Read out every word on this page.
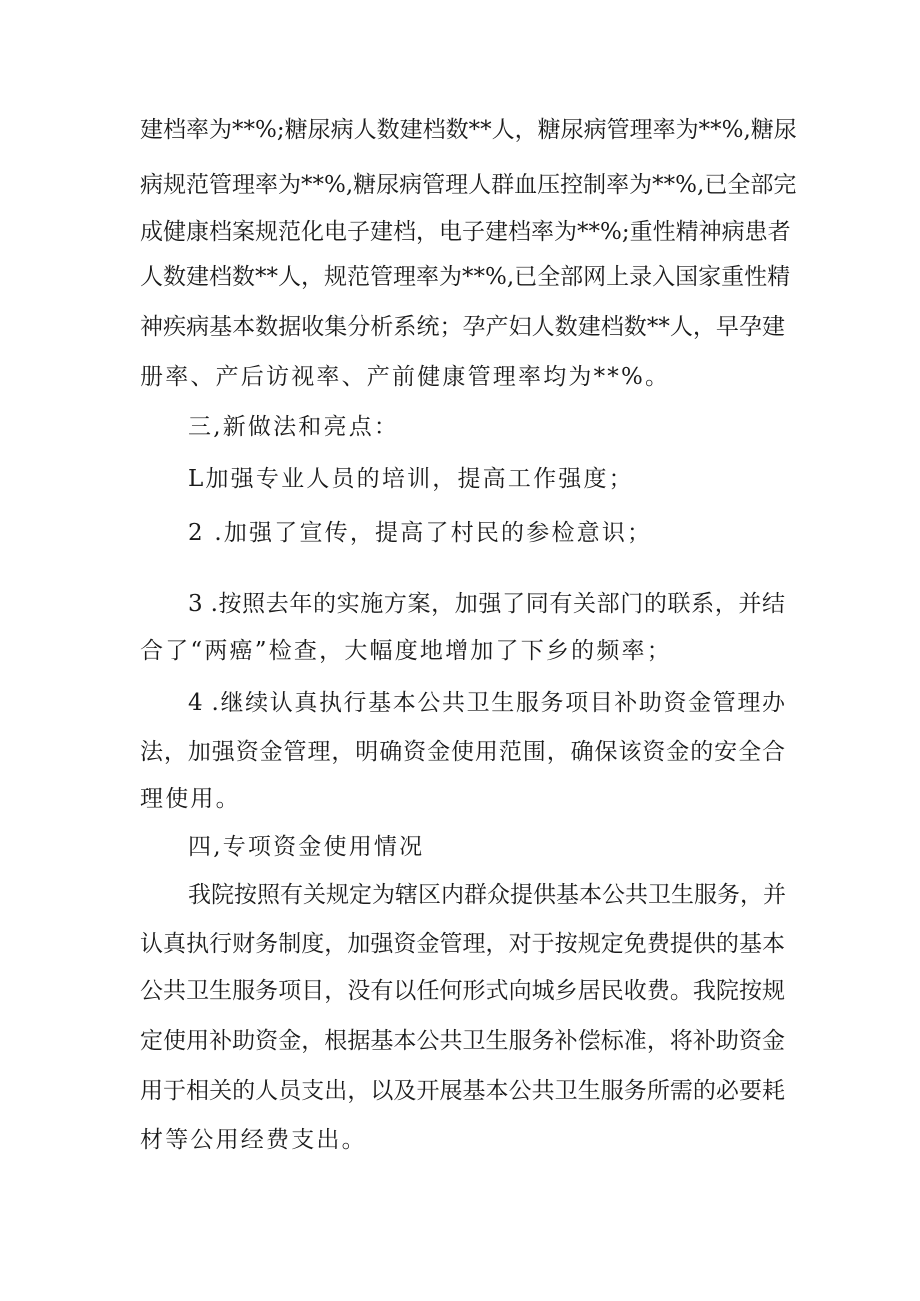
建档率为**%;糖尿病人数建档数**人，糖尿病管理率为**%,糖尿
病规范管理率为**%,糖尿病管理人群血压控制率为**%,已全部完
成健康档案规范化电子建档，电子建档率为**%;重性精神病患者
人数建档数**人，规范管理率为**%,已全部网上录入国家重性精
神疾病基本数据收集分析系统；孕产妇人数建档数**人，早孕建
册率、产后访视率、产前健康管理率均为**%。
三,新做法和亮点：
L加强专业人员的培训，提高工作强度；
2 .加强了宣传，提高了村民的参检意识；
3 .按照去年的实施方案，加强了同有关部门的联系，并结
合了“两癌”检查，大幅度地增加了下乡的频率；
4 .继续认真执行基本公共卫生服务项目补助资金管理办
法，加强资金管理，明确资金使用范围，确保该资金的安全合
理使用。
四,专项资金使用情况
我院按照有关规定为辖区内群众提供基本公共卫生服务，并
认真执行财务制度，加强资金管理，对于按规定免费提供的基本
公共卫生服务项目，没有以任何形式向城乡居民收费。我院按规
定使用补助资金，根据基本公共卫生服务补偿标准，将补助资金
用于相关的人员支出，以及开展基本公共卫生服务所需的必要耗
材等公用经费支出。
